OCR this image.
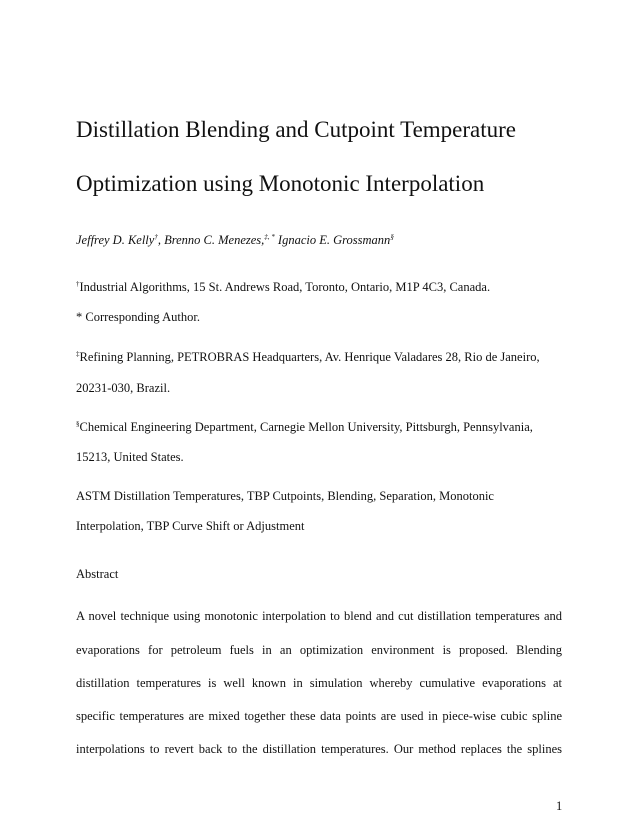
Distillation Blending and Cutpoint Temperature
Optimization using Monotonic Interpolation
Jeffrey D. Kelly†, Brenno C. Menezes,‡, * Ignacio E. Grossmann§
†Industrial Algorithms, 15 St. Andrews Road, Toronto, Ontario, M1P 4C3, Canada.
* Corresponding Author.
‡Refining Planning, PETROBRAS Headquarters, Av. Henrique Valadares 28, Rio de Janeiro,
20231-030, Brazil.
§Chemical Engineering Department, Carnegie Mellon University, Pittsburgh, Pennsylvania,
15213, United States.
ASTM Distillation Temperatures, TBP Cutpoints, Blending, Separation, Monotonic
Interpolation, TBP Curve Shift or Adjustment
Abstract
A novel technique using monotonic interpolation to blend and cut distillation temperatures and
evaporations for petroleum fuels in an optimization environment is proposed. Blending
distillation temperatures is well known in simulation whereby cumulative evaporations at
specific temperatures are mixed together these data points are used in piece-wise cubic spline
interpolations to revert back to the distillation temperatures. Our method replaces the splines
1
